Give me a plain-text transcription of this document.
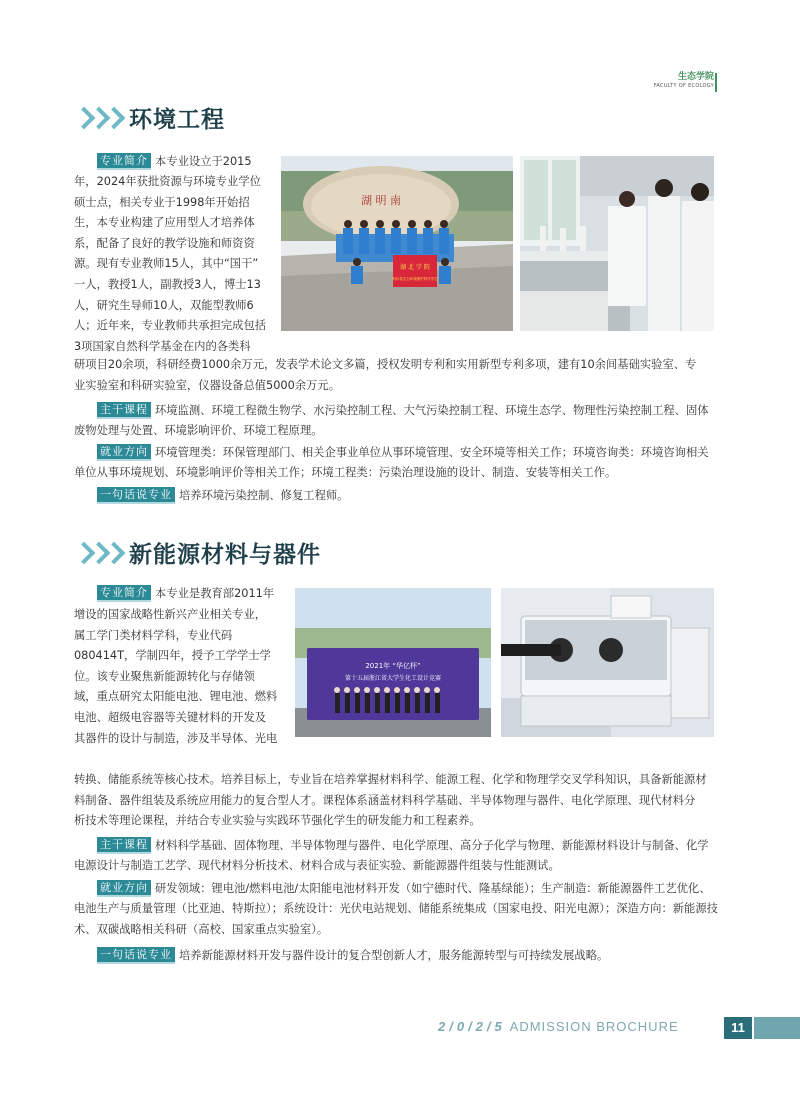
生态学院
FACULTY OF ECOLOGY
环境工程
湖 明 南
湖 北 学 院
阿尔泰生态环境保护科学学生
专业简介 本专业设立于2015
年，2024年获批资源与环境专业学位
硕士点，相关专业于1998年开始招
生，本专业构建了应用型人才培养体
系，配备了良好的教学设施和师资资
源。现有专业教师15人，其中“国干”
一人，教授1人，副教授3人，博士13
人，研究生导师10人，双能型教师6
人；近年来，专业教师共承担完成包括
3项国家自然科学基金在内的各类科
研项目20余项，科研经费1000余万元，发表学术论文多篇，授权发明专利和实用新型专利多项，建有10余间基础实验室、专
业实验室和科研实验室，仪器设备总值5000余万元。
主干课程 环境监测、环境工程微生物学、水污染控制工程、大气污染控制工程、环境生态学、物理性污染控制工程、固体
废物处理与处置、环境影响评价、环境工程原理。
就业方向 环境管理类：环保管理部门、相关企事业单位从事环境管理、安全环境等相关工作；环境咨询类：环境咨询相关
单位从事环境规划、环境影响评价等相关工作；环境工程类：污染治理设施的设计、制造、安装等相关工作。
一句话说专业 培养环境污染控制、修复工程师。
新能源材料与器件
2021年 “华亿杯”
第十五届浙江省大学生化工设计竞赛
专业简介 本专业是教育部2011年
增设的国家战略性新兴产业相关专业，
属工学门类材料学科，专业代码
080414T，学制四年，授予工学学士学
位。该专业聚焦新能源转化与存储领
域，重点研究太阳能电池、锂电池、燃料
电池、超级电容器等关键材料的开发及
其器件的设计与制造，涉及半导体、光电
转换、储能系统等核心技术。培养目标上，专业旨在培养掌握材料科学、能源工程、化学和物理学交叉学科知识，具备新能源材
料制备、器件组装及系统应用能力的复合型人才。课程体系涵盖材料科学基础、半导体物理与器件、电化学原理、现代材料分
析技术等理论课程，并结合专业实验与实践环节强化学生的研发能力和工程素养。
主干课程 材料科学基础、固体物理、半导体物理与器件、电化学原理、高分子化学与物理、新能源材料设计与制备、化学
电源设计与制造工艺学、现代材料分析技术、材料合成与表征实验、新能源器件组装与性能测试。
就业方向 研发领域：锂电池/燃料电池/太阳能电池材料开发（如宁德时代、隆基绿能）；生产制造：新能源器件工艺优化、
电池生产与质量管理（比亚迪、特斯拉）；系统设计：光伏电站规划、储能系统集成（国家电投、阳光电源）；深造方向：新能源技
术、双碳战略相关科研（高校、国家重点实验室）。
一句话说专业 培养新能源材料开发与器件设计的复合型创新人才，服务能源转型与可持续发展战略。
2/0/2/5 ADMISSION BROCHURE	11
